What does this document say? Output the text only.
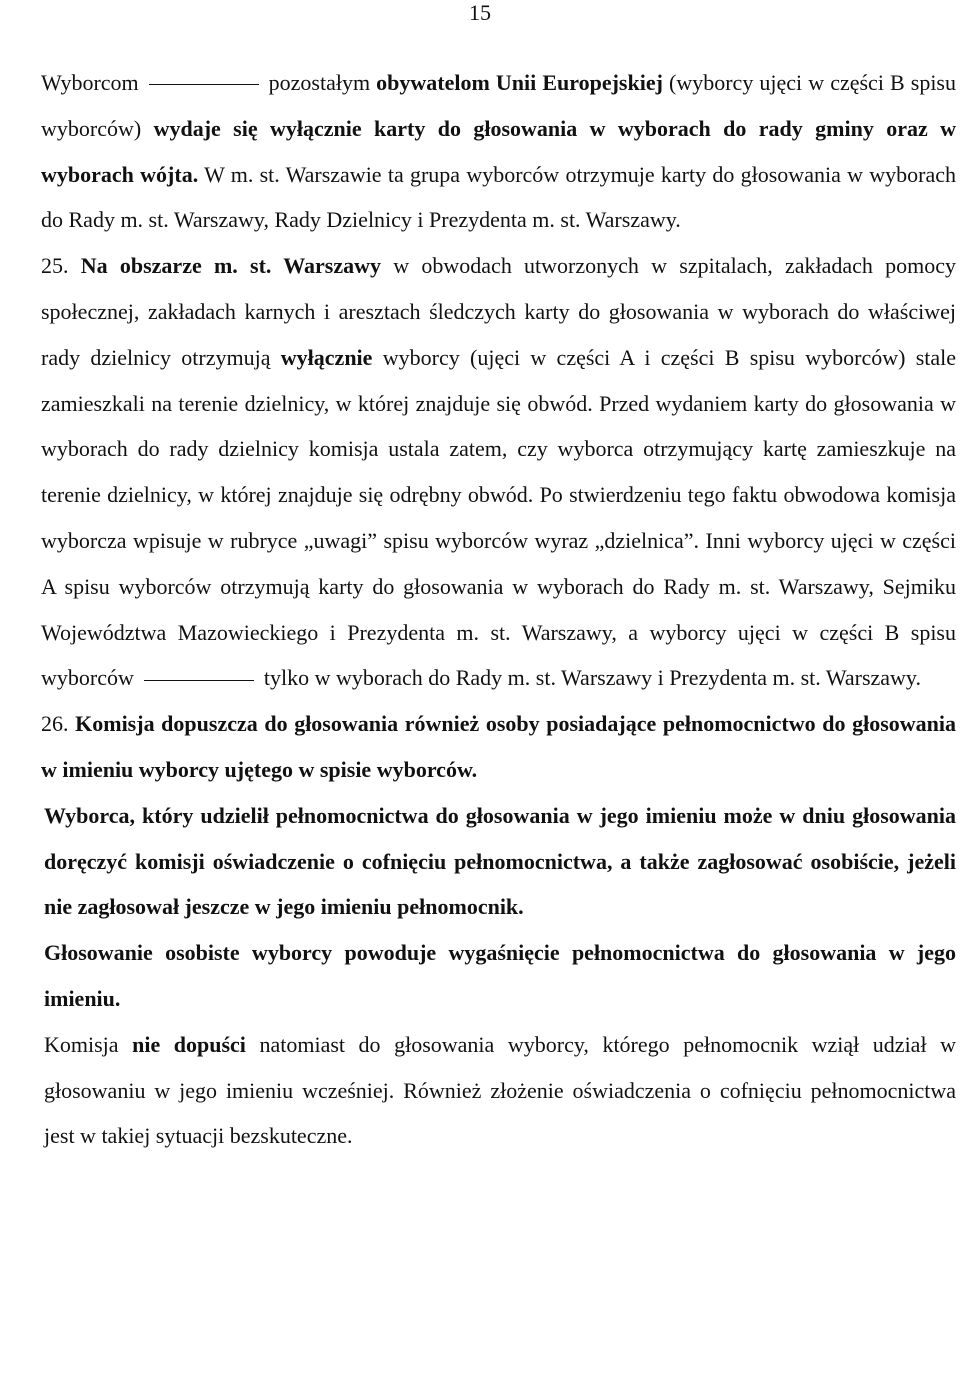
15

Wyborcom	pozostałym obywatelom Unii Europejskiej (wyborcy ujęci w części B spisu wyborców) wydaje się wyłącznie karty do głosowania w wyborach do rady gminy oraz w wyborach wójta. W m. st. Warszawie ta grupa wyborców otrzymuje karty do głosowania w wyborach do Rady m. st. Warszawy, Rady Dzielnicy i Prezydenta m. st. Warszawy.

25. Na obszarze m. st. Warszawy w obwodach utworzonych w szpitalach, zakładach pomocy społecznej, zakładach karnych i aresztach śledczych karty do głosowania w wyborach do właściwej rady dzielnicy otrzymują wyłącznie wyborcy (ujęci w części A i części B spisu wyborców) stale zamieszkali na terenie dzielnicy, w której znajduje się obwód. Przed wydaniem karty do głosowania w wyborach do rady dzielnicy komisja ustala zatem, czy wyborca otrzymujący kartę zamieszkuje na terenie dzielnicy, w której znajduje się odrębny obwód. Po stwierdzeniu tego faktu obwodowa komisja wyborcza wpisuje w rubryce „uwagi” spisu wyborców wyraz „dzielnica”. Inni wyborcy ujęci w części A spisu wyborców otrzymują karty do głosowania w wyborach do Rady m. st. Warszawy, Sejmiku Województwa Mazowieckiego i Prezydenta m. st. Warszawy, a wyborcy ujęci w części B spisu wyborców	tylko w wyborach do Rady m. st. Warszawy i Prezydenta m. st. Warszawy.

26. Komisja dopuszcza do głosowania również osoby posiadające pełnomocnictwo do głosowania w imieniu wyborcy ujętego w spisie wyborców.

Wyborca, który udzielił pełnomocnictwa do głosowania w jego imieniu może w dniu głosowania doręczyć komisji oświadczenie o cofnięciu pełnomocnictwa, a także zagłosować osobiście, jeżeli nie zagłosował jeszcze w jego imieniu pełnomocnik.

Głosowanie osobiste wyborcy powoduje wygaśnięcie pełnomocnictwa do głosowania w jego imieniu.

Komisja nie dopuści natomiast do głosowania wyborcy, którego pełnomocnik wziął udział w głosowaniu w jego imieniu wcześniej. Również złożenie oświadczenia o cofnięciu pełnomocnictwa jest w takiej sytuacji bezskuteczne.
